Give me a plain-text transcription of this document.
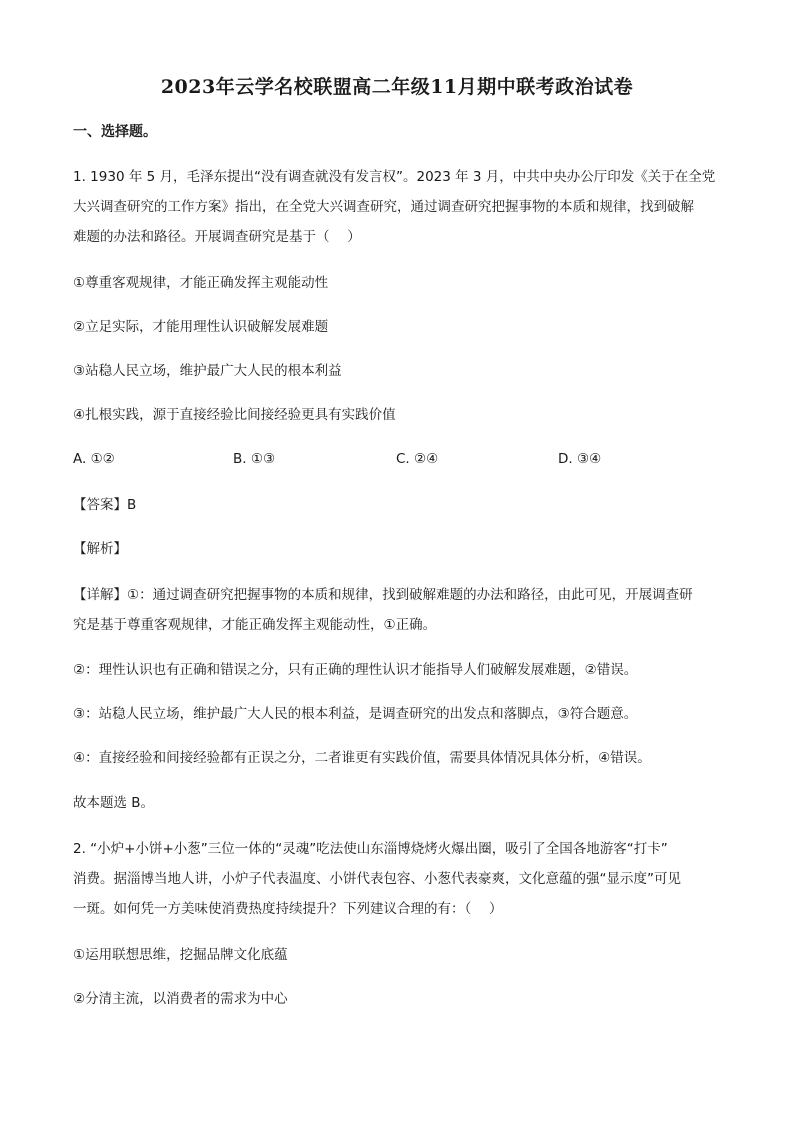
2023年云学名校联盟高二年级11月期中联考政治试卷
一、选择题。
1. 1930 年 5 月，毛泽东提出“没有调查就没有发言权”。2023 年 3 月，中共中央办公厅印发《关于在全党
大兴调查研究的工作方案》指出，在全党大兴调查研究，通过调查研究把握事物的本质和规律，找到破解
难题的办法和路径。开展调查研究是基于（　 ）
①尊重客观规律，才能正确发挥主观能动性
②立足实际，才能用理性认识破解发展难题
③站稳人民立场，维护最广大人民的根本利益
④扎根实践，源于直接经验比间接经验更具有实践价值
A. ①②	B. ①③	C. ②④	D. ③④
【答案】B
【解析】
【详解】①：通过调查研究把握事物的本质和规律，找到破解难题的办法和路径，由此可见，开展调查研
究是基于尊重客观规律，才能正确发挥主观能动性，①正确。
②：理性认识也有正确和错误之分，只有正确的理性认识才能指导人们破解发展难题，②错误。
③：站稳人民立场，维护最广大人民的根本利益，是调查研究的出发点和落脚点，③符合题意。
④：直接经验和间接经验都有正误之分，二者谁更有实践价值，需要具体情况具体分析，④错误。
故本题选 B。
2. “小炉+小饼+小葱”三位一体的“灵魂”吃法使山东淄博烧烤火爆出圈，吸引了全国各地游客“打卡”
消费。据淄博当地人讲，小炉子代表温度、小饼代表包容、小葱代表豪爽，文化意蕴的强“显示度”可见
一斑。如何凭一方美味使消费热度持续提升？下列建议合理的有：（　 ）
①运用联想思维，挖掘品牌文化底蕴
②分清主流，以消费者的需求为中心
